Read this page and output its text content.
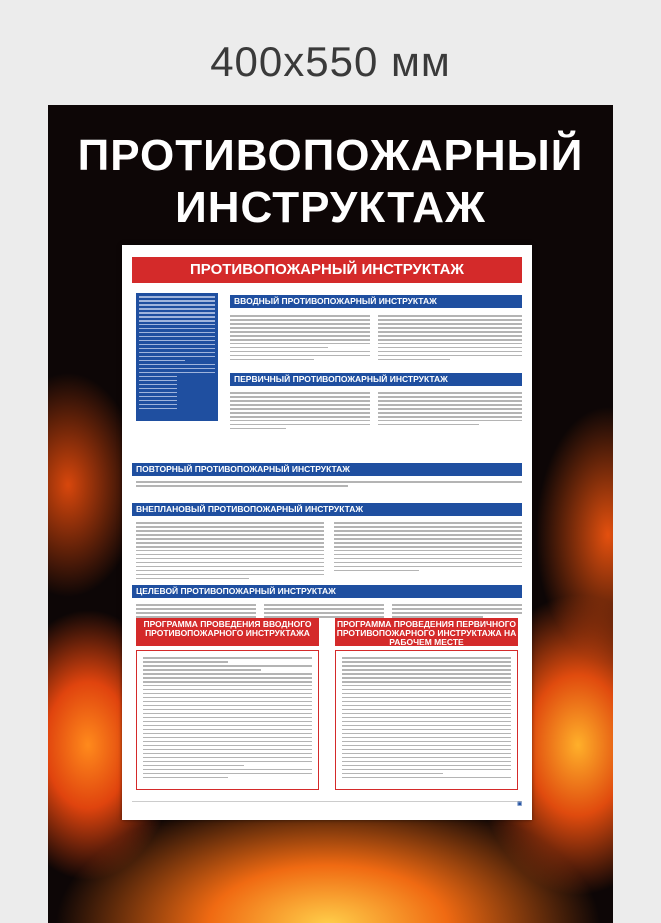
400x550 мм
ПРОТИВОПОЖАРНЫЙ
ИНСТРУКТАЖ
ПРОТИВОПОЖАРНЫЙ ИНСТРУКТАЖ
ВВОДНЫЙ ПРОТИВОПОЖАРНЫЙ ИНСТРУКТАЖ
ПЕРВИЧНЫЙ ПРОТИВОПОЖАРНЫЙ ИНСТРУКТАЖ
ПОВТОРНЫЙ ПРОТИВОПОЖАРНЫЙ ИНСТРУКТАЖ
ВНЕПЛАНОВЫЙ ПРОТИВОПОЖАРНЫЙ ИНСТРУКТАЖ
ЦЕЛЕВОЙ ПРОТИВОПОЖАРНЫЙ ИНСТРУКТАЖ
ПРОГРАММА ПРОВЕДЕНИЯ ВВОДНОГО ПРОТИВОПОЖАРНОГО ИНСТРУКТАЖА
ПРОГРАММА ПРОВЕДЕНИЯ ПЕРВИЧНОГО ПРОТИВОПОЖАРНОГО ИНСТРУКТАЖА НА РАБОЧЕМ МЕСТЕ
▣
